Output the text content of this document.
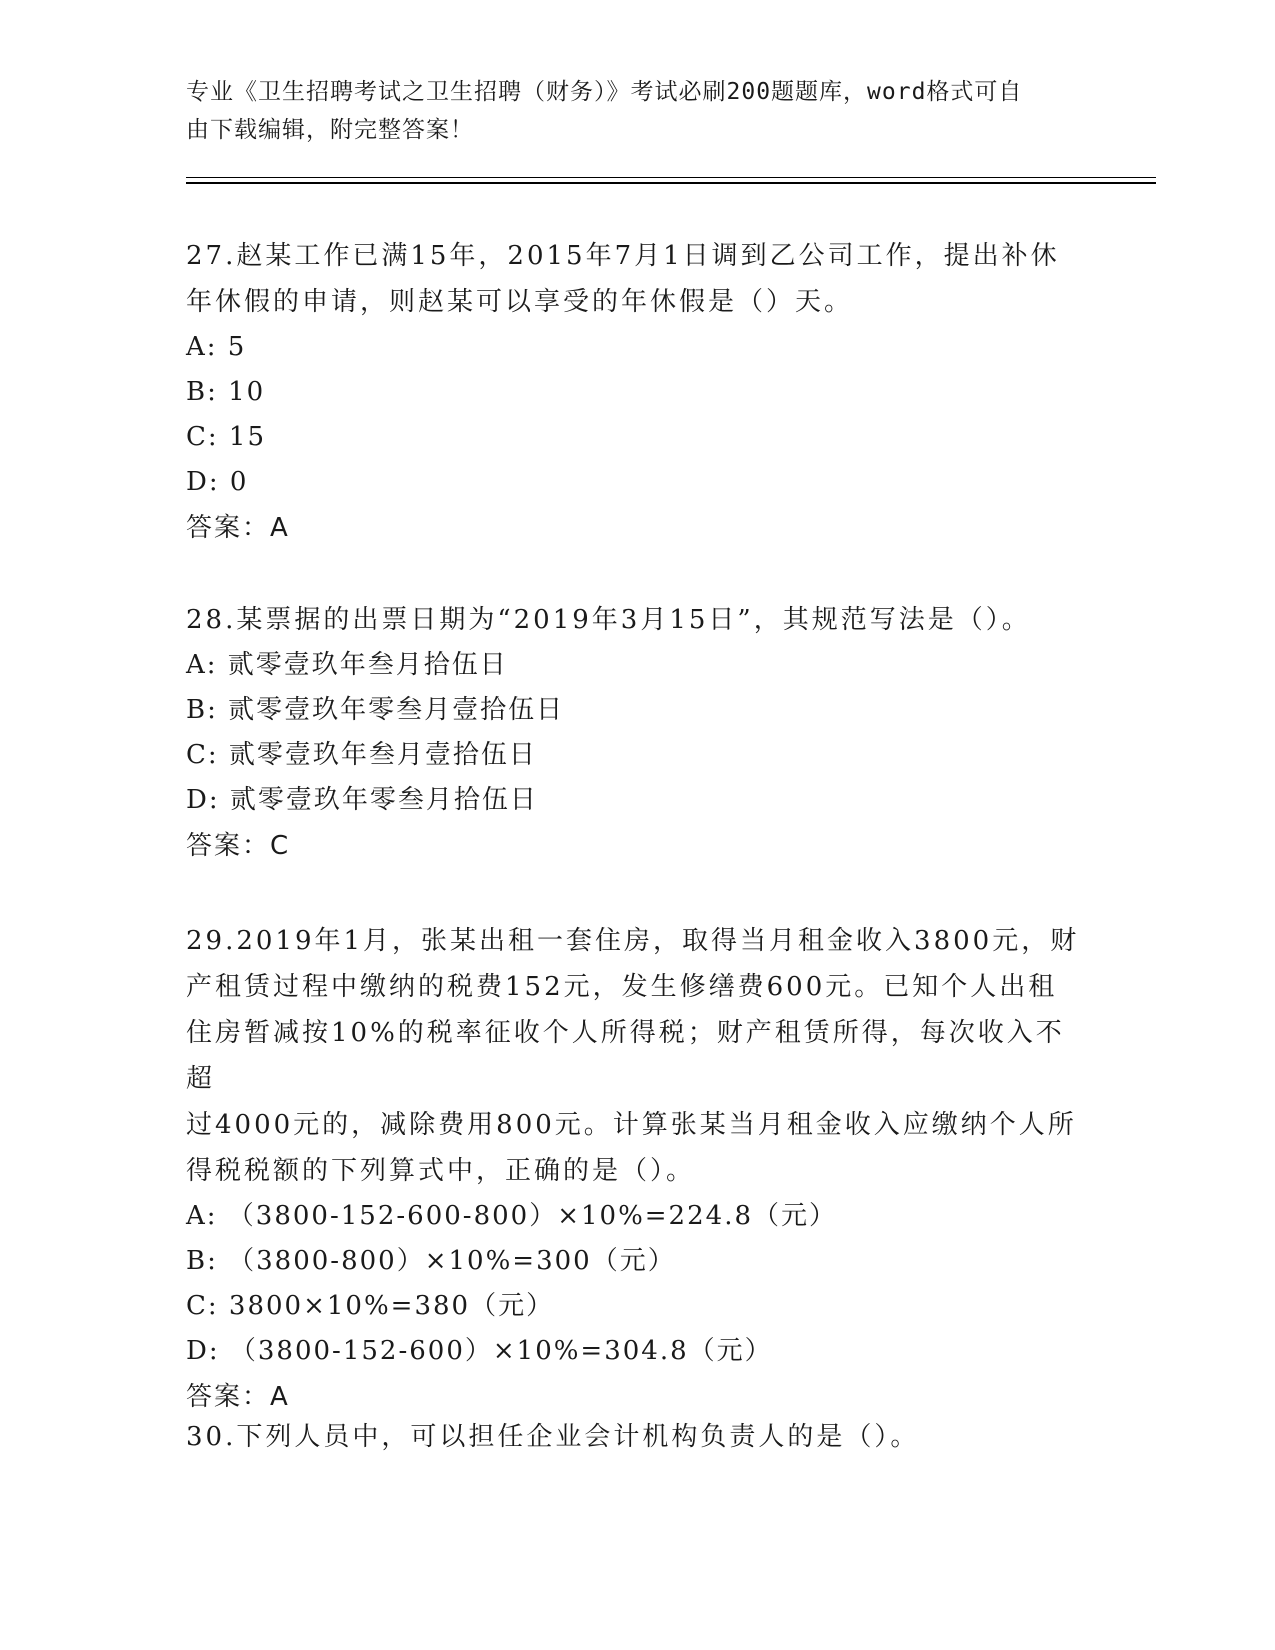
专业《卫生招聘考试之卫生招聘（财务）》考试必刷200题题库，word格式可自
由下载编辑，附完整答案！

27.赵某工作已满15年，2015年7月1日调到乙公司工作，提出补休

年休假的申请，则赵某可以享受的年休假是（）天。

A: 5

B: 10

C: 15

D: 0

答案：A

28.某票据的出票日期为“2019年3月15日”，其规范写法是（）。

A: 贰零壹玖年叁月拾伍日

B: 贰零壹玖年零叁月壹拾伍日

C: 贰零壹玖年叁月壹拾伍日

D: 贰零壹玖年零叁月拾伍日

答案：C

29.2019年1月，张某出租一套住房，取得当月租金收入3800元，财

产租赁过程中缴纳的税费152元，发生修缮费600元。已知个人出租

住房暂减按10%的税率征收个人所得税；财产租赁所得，每次收入不超

过4000元的，减除费用800元。计算张某当月租金收入应缴纳个人所

得税税额的下列算式中，正确的是（）。

A: （3800-152-600-800）×10%=224.8（元）

B: （3800-800）×10%=300（元）

C: 3800×10%=380（元）

D: （3800-152-600）×10%=304.8（元）

答案：A

30.下列人员中，可以担任企业会计机构负责人的是（）。
